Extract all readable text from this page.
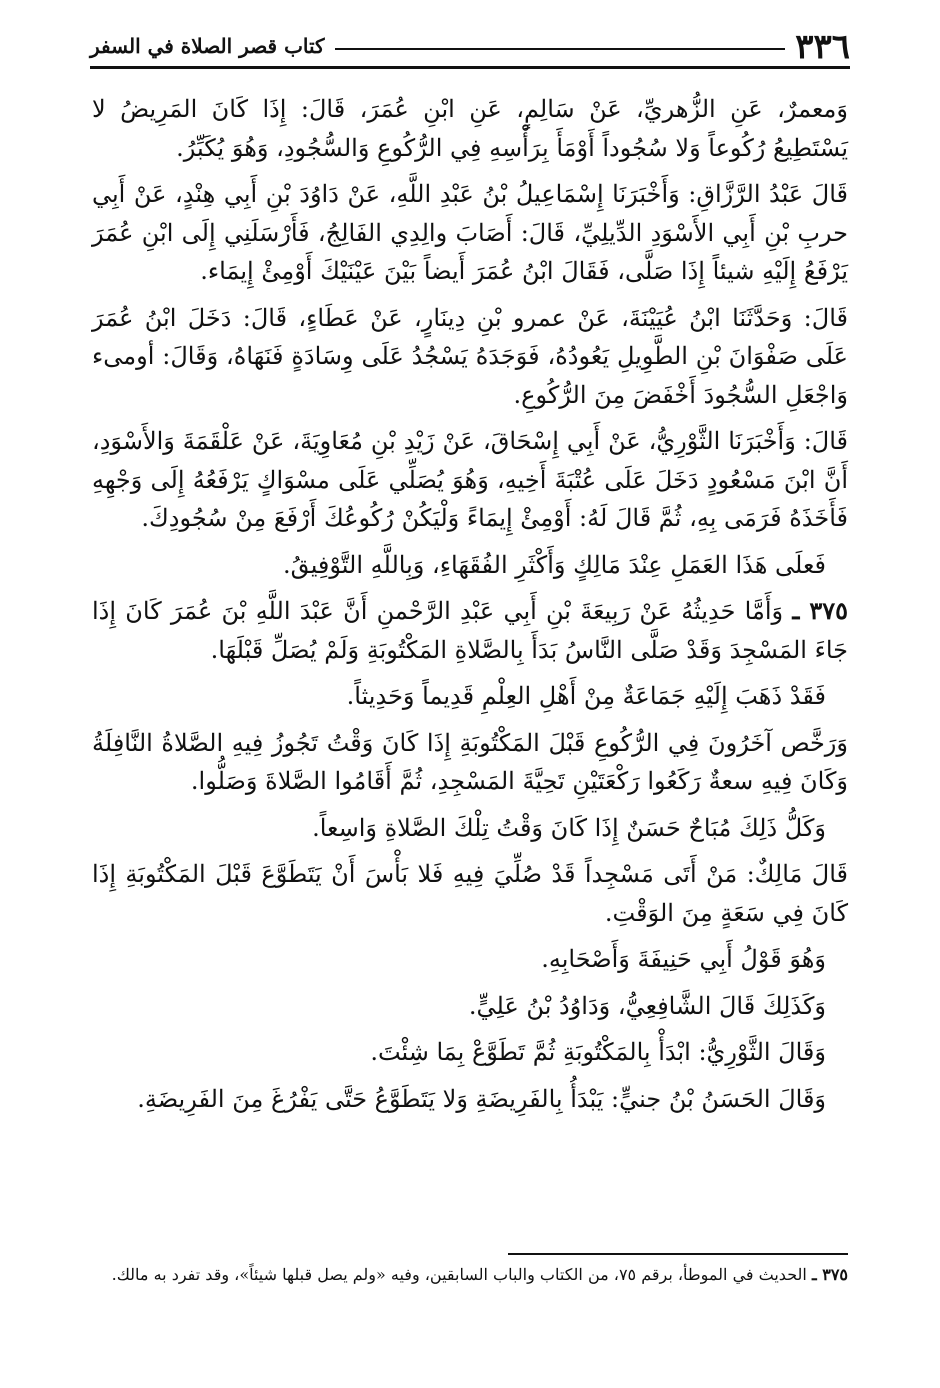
٣٣٦
كتاب قصر الصلاة في السفر

وَمعمرٌ، عَنِ الزُّهريِّ، عَنْ سَالِمٍ، عَنِ ابْنِ عُمَرَ، قَالَ: إِذَا كَانَ المَرِيضُ لا يَسْتَطِيعُ رُكُوعاً وَلا سُجُوداً أَوْمَأَ بِرَأْسِهِ فِي الرُّكُوعِ وَالسُّجُودِ، وَهُوَ يُكَبِّرُ.

قَالَ عَبْدُ الرَّزَّاقِ: وَأَخْبَرَنَا إِسْمَاعِيلُ بْنُ عَبْدِ اللَّهِ، عَنْ دَاوُدَ بْنِ أَبِي هِنْدٍ، عَنْ أَبِي حربِ بْنِ أَبِي الأَسْوَدِ الدِّيلِيِّ، قَالَ: أَصَابَ والِدِي الفَالِجُ، فَأَرْسَلَنِي إِلَى ابْنِ عُمَرَ يَرْفَعُ إِلَيْهِ شيئاً إِذَا صَلَّى، فَقَالَ ابْنُ عُمَرَ أَيضاً بَيْنَ عَيْنَيْكَ أَوْمِئْ إِيمَاء.

قَالَ: وَحَدَّثَنَا ابْنُ عُيَيْنَةَ، عَنْ عمرو بْنِ دِينَارٍ، عَنْ عَطَاءٍ، قَالَ: دَخَلَ ابْنُ عُمَرَ عَلَى صَفْوَانَ بْنِ الطَّوِيلِ يَعُودُهُ، فَوَجَدَهُ يَسْجُدُ عَلَى وِسَادَةٍ فَنَهَاهُ، وَقَالَ: أومىء وَاجْعَلِ السُّجُودَ أَخْفَضَ مِنَ الرُّكُوعِ.

قَالَ: وَأَخْبَرَنَا الثَّوْرِيُّ، عَنْ أَبِي إِسْحَاقَ، عَنْ زَيْدِ بْنِ مُعَاوِيَةَ، عَنْ عَلْقَمَةَ وَالأَسْوَدِ، أَنَّ ابْنَ مَسْعُودٍ دَخَلَ عَلَى عُتْبَةَ أَخِيهِ، وَهُوَ يُصَلِّي عَلَى مسْوَاكٍ يَرْفَعُهُ إِلَى وَجْهِهِ فَأَخَذَهُ فَرَمَى بِهِ، ثُمَّ قَالَ لَهُ: أَوْمِئْ إِيمَاءً وَلْيَكُنْ رُكُوعُكَ أَرْفَعَ مِنْ سُجُودِكَ.

فَعلَى هَذَا العَمَلِ عِنْدَ مَالِكٍ وَأَكْثَرِ الفُقَهَاءِ، وَبِاللَّهِ التَّوْفِيقُ.

٣٧٥ ـ وَأَمَّا حَدِيثُهُ عَنْ رَبِيعَةَ بْنِ أَبِي عَبْدِ الرَّحْمنِ أَنَّ عَبْدَ اللَّهِ بْنَ عُمَرَ كَانَ إِذَا جَاءَ المَسْجِدَ وَقَدْ صَلَّى النَّاسُ بَدَأَ بِالصَّلاةِ المَكْتُوبَةِ وَلَمْ يُصَلِّ قَبْلَهَا.

فَقَدْ ذَهَبَ إِلَيْهِ جَمَاعَةٌ مِنْ أَهْلِ العِلْمِ قَدِيماً وَحَدِيثاً.

وَرَخَّص آخَرُونَ فِي الرُّكُوعِ قَبْلَ المَكْتُوبَةِ إِذَا كَانَ وَقْتُ تَجُوزُ فِيهِ الصَّلاةُ النَّافِلَةُ وَكَانَ فِيهِ سعةٌ رَكَعُوا رَكْعَتَيْنِ تَحِيَّةَ المَسْجِدِ، ثُمَّ أَقَامُوا الصَّلاةَ وَصَلُّوا.

وَكَلُّ ذَلِكَ مُبَاحٌ حَسَنٌ إِذَا كَانَ وَقْتُ تِلْكَ الصَّلاةِ وَاسِعاً.

قَالَ مَالِكٌ: مَنْ أَتَى مَسْجِداً قَدْ صُلِّيَ فِيهِ فَلا بَأْسَ أَنْ يَتَطَوَّعَ قَبْلَ المَكْتُوبَةِ إِذَا كَانَ فِي سَعَةٍ مِنَ الوَقْتِ.

وَهُوَ قَوْلُ أَبِي حَنِيفَةَ وَأَصْحَابِهِ.

وَكَذَلِكَ قَالَ الشَّافِعِيُّ، وَدَاوُدُ بْنُ عَلِيٍّ.

وَقَالَ الثَّوْرِيُّ: ابْدَأْ بِالمَكْتُوبَةِ ثُمَّ تَطَوَّعْ بِمَا شِئْتَ.

وَقَالَ الحَسَنُ بْنُ جنيٍّ: يَبْدَأُ بِالفَرِيضَةِ وَلا يَتَطَوَّعُ حَتَّى يَفْرُغَ مِنَ الفَرِيضَةِ.

٣٧٥ ـ الحديث في الموطأ، برقم ٧٥، من الكتاب والباب السابقين، وفيه «ولم يصل قبلها شيئاً»، وقد تفرد به مالك.
